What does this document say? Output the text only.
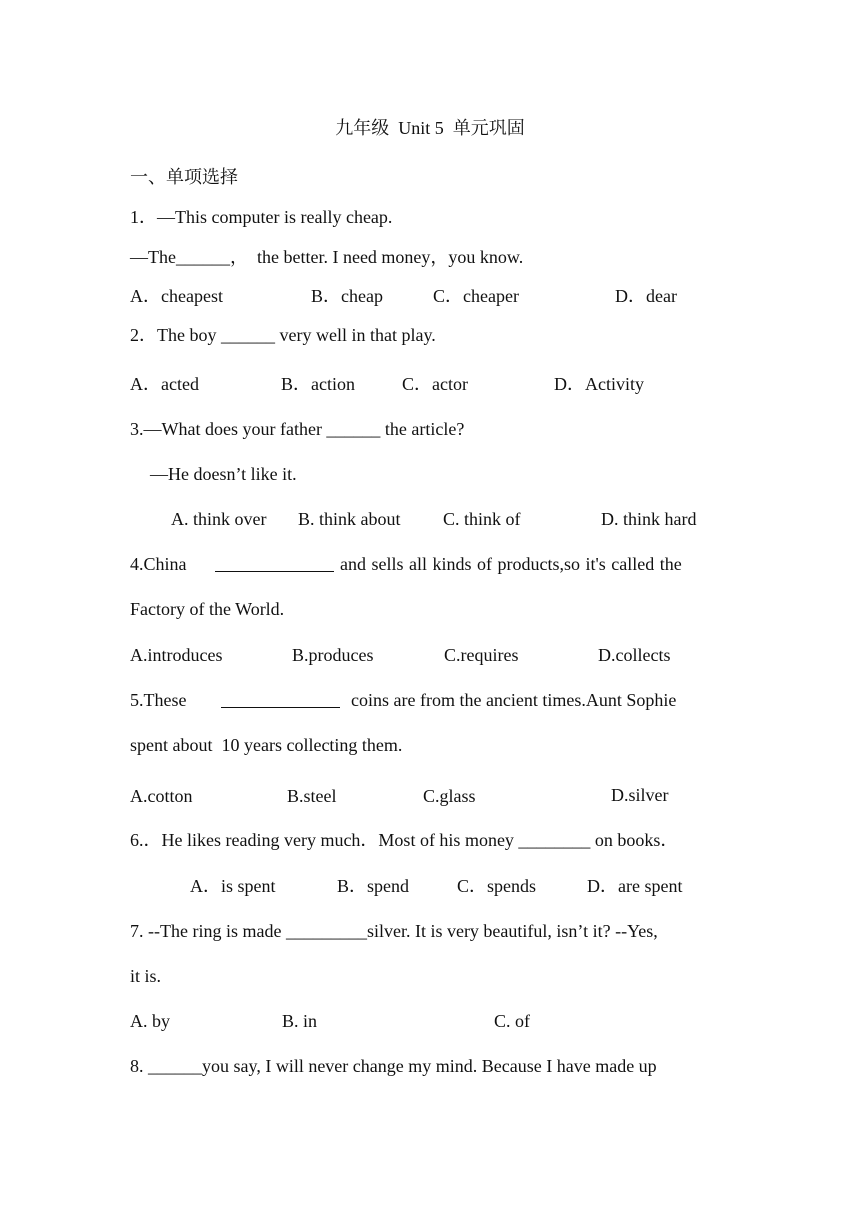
九年级  Unit 5  单元巩固
一、单项选择
1．—This computer is really cheap.
—The______，  the better. I need money，you know.
A．cheapest	B．cheap	C．cheaper	D．dear
2．The boy ______ very well in that play.
A．acted	B．action	C．actor	D．Activity
3.—What does your father ______ the article?
—He doesn’t like it.
A. think over B. think about C. think of	D. think hard
4.China	and sells all kinds of products,so it's called the
Factory of the World.
A.introduces	B.produces	C.requires	D.collects
5.These	coins are from the ancient times.Aunt Sophie
spent about  10 years collecting them.
A.cotton	B.steel	C.glass	D.silver
6.．He likes reading very much．Most of his money ________ on books．
A．is spent	B．spend	C．spends	D．are spent
7. --The ring is made _________silver. It is very beautiful, isn’t it? --Yes,
it is.
A. by	B. in	C. of
8. ______you say, I will never change my mind. Because I have made up
